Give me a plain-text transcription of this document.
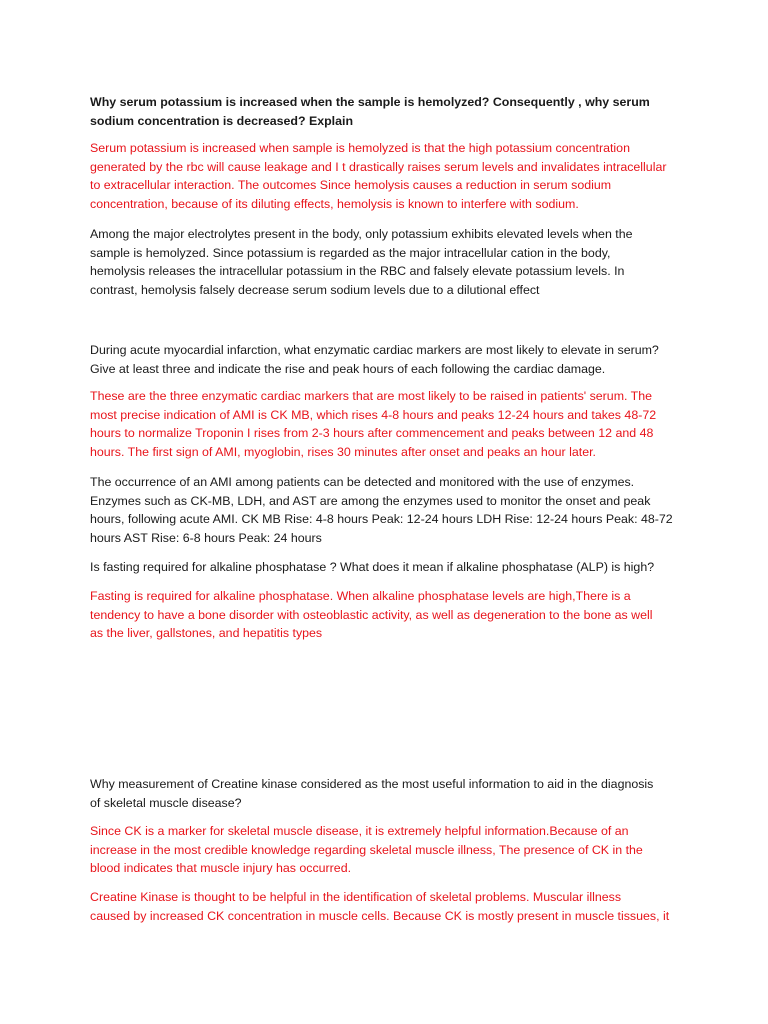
Why serum potassium is increased when the sample is hemolyzed? Consequently , why serum
sodium concentration is decreased? Explain

Serum potassium is increased when sample is hemolyzed is that the high potassium concentration
generated by the rbc will cause leakage and I t drastically raises serum levels and invalidates intracellular
to extracellular interaction. The outcomes Since hemolysis causes a reduction in serum sodium
concentration, because of its diluting effects, hemolysis is known to interfere with sodium.

Among the major electrolytes present in the body, only potassium exhibits elevated levels when the
sample is hemolyzed. Since potassium is regarded as the major intracellular cation in the body,
hemolysis releases the intracellular potassium in the RBC and falsely elevate potassium levels. In
contrast, hemolysis falsely decrease serum sodium levels due to a dilutional effect

During acute myocardial infarction, what enzymatic cardiac markers are most likely to elevate in serum?
Give at least three and indicate the rise and peak hours of each following the cardiac damage.

These are the three enzymatic cardiac markers that are most likely to be raised in patients' serum. The
most precise indication of AMI is CK MB, which rises 4-8 hours and peaks 12-24 hours and takes 48-72
hours to normalize Troponin I rises from 2-3 hours after commencement and peaks between 12 and 48
hours. The first sign of AMI, myoglobin, rises 30 minutes after onset and peaks an hour later.

The occurrence of an AMI among patients can be detected and monitored with the use of enzymes.
Enzymes such as CK-MB, LDH, and AST are among the enzymes used to monitor the onset and peak
hours, following acute AMI. CK MB Rise: 4-8 hours Peak: 12-24 hours LDH Rise: 12-24 hours Peak: 48-72
hours AST Rise: 6-8 hours Peak: 24 hours

Is fasting required for alkaline phosphatase ? What does it mean if alkaline phosphatase (ALP) is high?

Fasting is required for alkaline phosphatase. When alkaline phosphatase levels are high,There is a
tendency to have a bone disorder with osteoblastic activity, as well as degeneration to the bone as well
as the liver, gallstones, and hepatitis types

Why measurement of Creatine kinase considered as the most useful information to aid in the diagnosis
of skeletal muscle disease?

Since CK is a marker for skeletal muscle disease, it is extremely helpful information.Because of an
increase in the most credible knowledge regarding skeletal muscle illness, The presence of CK in the
blood indicates that muscle injury has occurred.

Creatine Kinase is thought to be helpful in the identification of skeletal problems. Muscular illness
caused by increased CK concentration in muscle cells. Because CK is mostly present in muscle tissues, it
